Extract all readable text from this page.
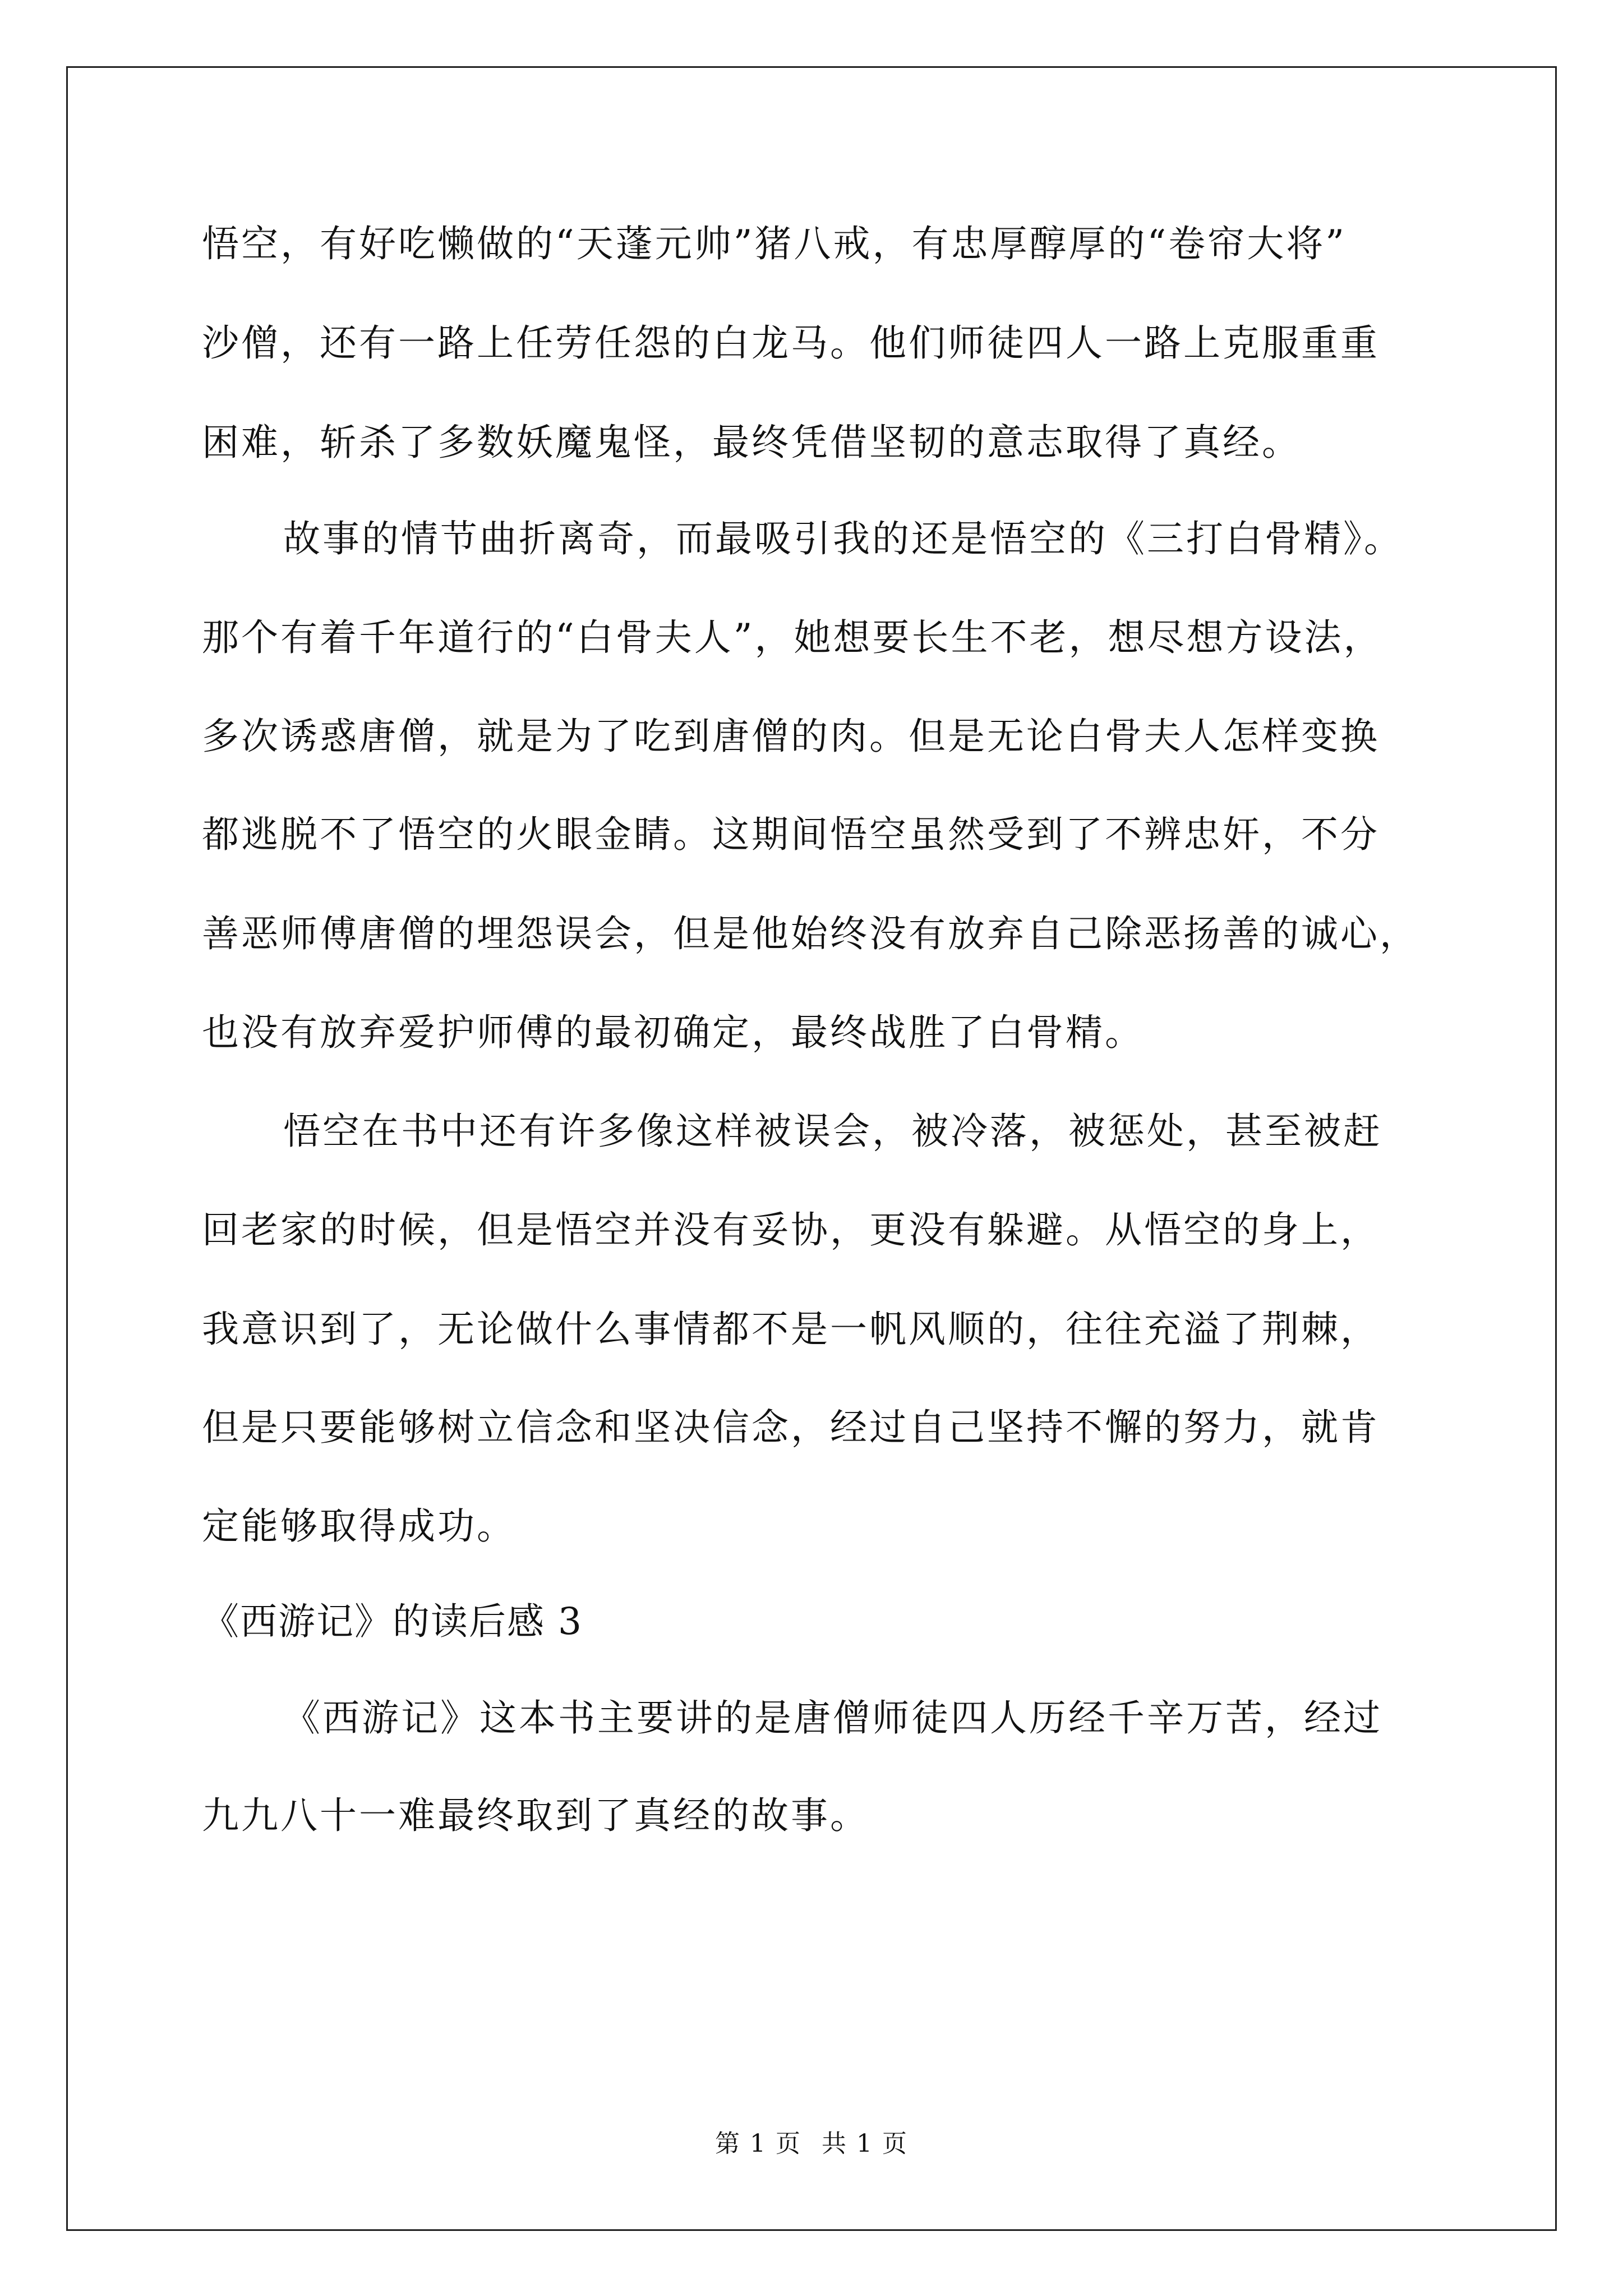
悟空，有好吃懒做的“天蓬元帅”猪八戒，有忠厚醇厚的“卷帘大将”
沙僧，还有一路上任劳任怨的白龙马。他们师徒四人一路上克服重重
困难，斩杀了多数妖魔鬼怪，最终凭借坚韧的意志取得了真经。
故事的情节曲折离奇，而最吸引我的还是悟空的《三打白骨精》。
那个有着千年道行的“白骨夫人”，她想要长生不老，想尽想方设法，
多次诱惑唐僧，就是为了吃到唐僧的肉。但是无论白骨夫人怎样变换
都逃脱不了悟空的火眼金睛。这期间悟空虽然受到了不辨忠奸，不分
善恶师傅唐僧的埋怨误会，但是他始终没有放弃自己除恶扬善的诚心，
也没有放弃爱护师傅的最初确定，最终战胜了白骨精。
悟空在书中还有许多像这样被误会，被冷落，被惩处，甚至被赶
回老家的时候，但是悟空并没有妥协，更没有躲避。从悟空的身上，
我意识到了，无论做什么事情都不是一帆风顺的，往往充溢了荆棘，
但是只要能够树立信念和坚决信念，经过自己坚持不懈的努力，就肯
定能够取得成功。
《西游记》的读后感 3
《西游记》这本书主要讲的是唐僧师徒四人历经千辛万苦，经过
九九八十一难最终取到了真经的故事。
第 1 页 共 1 页
